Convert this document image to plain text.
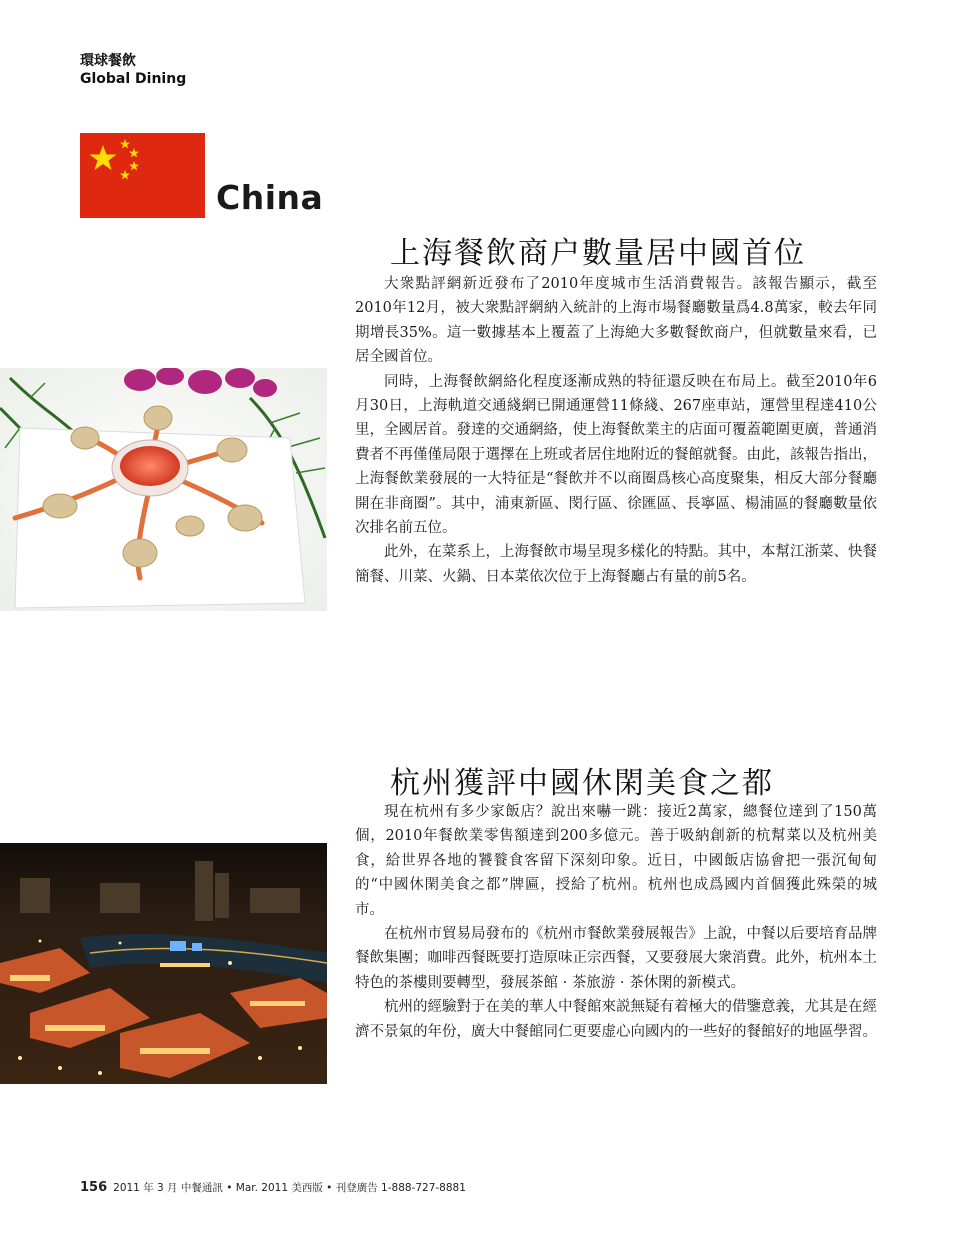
環球餐飲
Global Dining
China
上海餐飲商户數量居中國首位

大衆點評網新近發布了2010年度城市生活消費報告。該報告顯示，截至2010年12月，被大衆點評網納入統計的上海市場餐廳數量爲4.8萬家，較去年同期增長35%。這一數據基本上覆蓋了上海絶大多數餐飲商户，但就數量來看，已居全國首位。

同時，上海餐飲網絡化程度逐漸成熟的特征還反映在布局上。截至2010年6月30日，上海軌道交通綫網已開通運營11條綫、267座車站，運營里程達410公里，全國居首。發達的交通網絡，使上海餐飲業主的店面可覆蓋範圍更廣，普通消費者不再僅僅局限于選擇在上班或者居住地附近的餐館就餐。由此，該報告指出，上海餐飲業發展的一大特征是“餐飲并不以商圈爲核心高度聚集，相反大部分餐廳開在非商圈”。其中，浦東新區、閔行區、徐匯區、長寧區、楊浦區的餐廳數量依次排名前五位。

此外，在菜系上，上海餐飲市場呈現多樣化的特點。其中，本幫江浙菜、快餐簡餐、川菜、火鍋、日本菜依次位于上海餐廳占有量的前5名。

杭州獲評中國休閑美食之都

現在杭州有多少家飯店？說出來嚇一跳：接近2萬家，總餐位達到了150萬個，2010年餐飲業零售額達到200多億元。善于吸納創新的杭幫菜以及杭州美食，給世界各地的饕餮食客留下深刻印象。近日，中國飯店協會把一張沉甸甸的“中國休閑美食之都”牌匾，授給了杭州。杭州也成爲國内首個獲此殊榮的城市。

在杭州市貿易局發布的《杭州市餐飲業發展報告》上說，中餐以后要培育品牌餐飲集團；咖啡西餐既要打造原味正宗西餐，又要發展大衆消費。此外，杭州本土特色的茶樓則要轉型，發展茶館 · 茶旅游 · 茶休閑的新模式。

杭州的經驗對于在美的華人中餐館來説無疑有着極大的借鑒意義，尤其是在經濟不景氣的年份，廣大中餐館同仁更要虚心向國内的一些好的餐館好的地區學習。

156 2011 年 3 月 中餐通訊 • Mar. 2011 美西版 • 刊登廣告 1-888-727-8881
